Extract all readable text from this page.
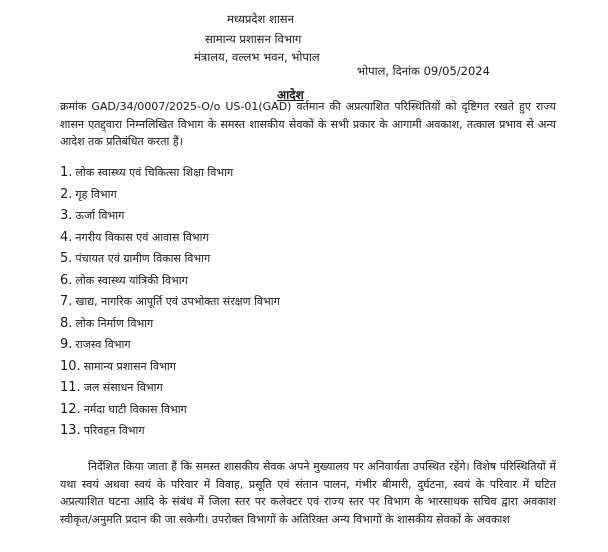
मध्यप्रदेश शासन
सामान्य प्रशासन विभाग
मंत्रालय, वल्लभ भवन, भोपाल
भोपाल, दिनांक 09/05/2024
आदेश
क्रमांक GAD/34/0007/2025-O/o US-01(GAD) वर्तमान की अप्रत्याशित परिस्थितियों को दृष्टिगत रखते हुए राज्य शासन एतद्द्वारा निम्नलिखित विभाग के समस्त शासकीय सेवकों के सभी प्रकार के आगामी अवकाश, तत्काल प्रभाव से अन्य आदेश तक प्रतिबंधित करता हैं।
1. लोक स्वास्थ्य एवं चिकित्सा शिक्षा विभाग
2. गृह विभाग
3. ऊर्जा विभाग
4. नगरीय विकास एवं आवास विभाग
5. पंचायत एवं ग्रामीण विकास विभाग
6. लोक स्वास्थ्य यांत्रिकी विभाग
7. खाद्य, नागरिक आपूर्ति एवं उपभोक्ता संरक्षण विभाग
8. लोक निर्माण विभाग
9. राजस्व विभाग
10. सामान्य प्रशासन विभाग
11. जल संसाधन विभाग
12. नर्मदा घाटी विकास विभाग
13. परिवहन विभाग
निर्देशित किया जाता हैं कि समस्त शासकीय सेवक अपने मुख्यालय पर अनिवार्यता उपस्थित रहेंगे। विशेष परिस्थितियों में यथा स्वयं अथवा स्वयं के परिवार में विवाह, प्रसूति एवं संतान पालन, गंभीर बीमारी, दुर्घटना, स्वयं के परिवार में घटित अप्रत्याशित घटना आदि के संबंध में जिला स्तर पर कलेक्टर एवं राज्य स्तर पर विभाग के भारसाधक सचिव द्वारा अवकाश स्वीकृत/अनुमति प्रदान की जा सकेगी। उपरोक्त विभागों के अतिरिक्त अन्य विभागों के शासकीय सेवकों के अवकाश
